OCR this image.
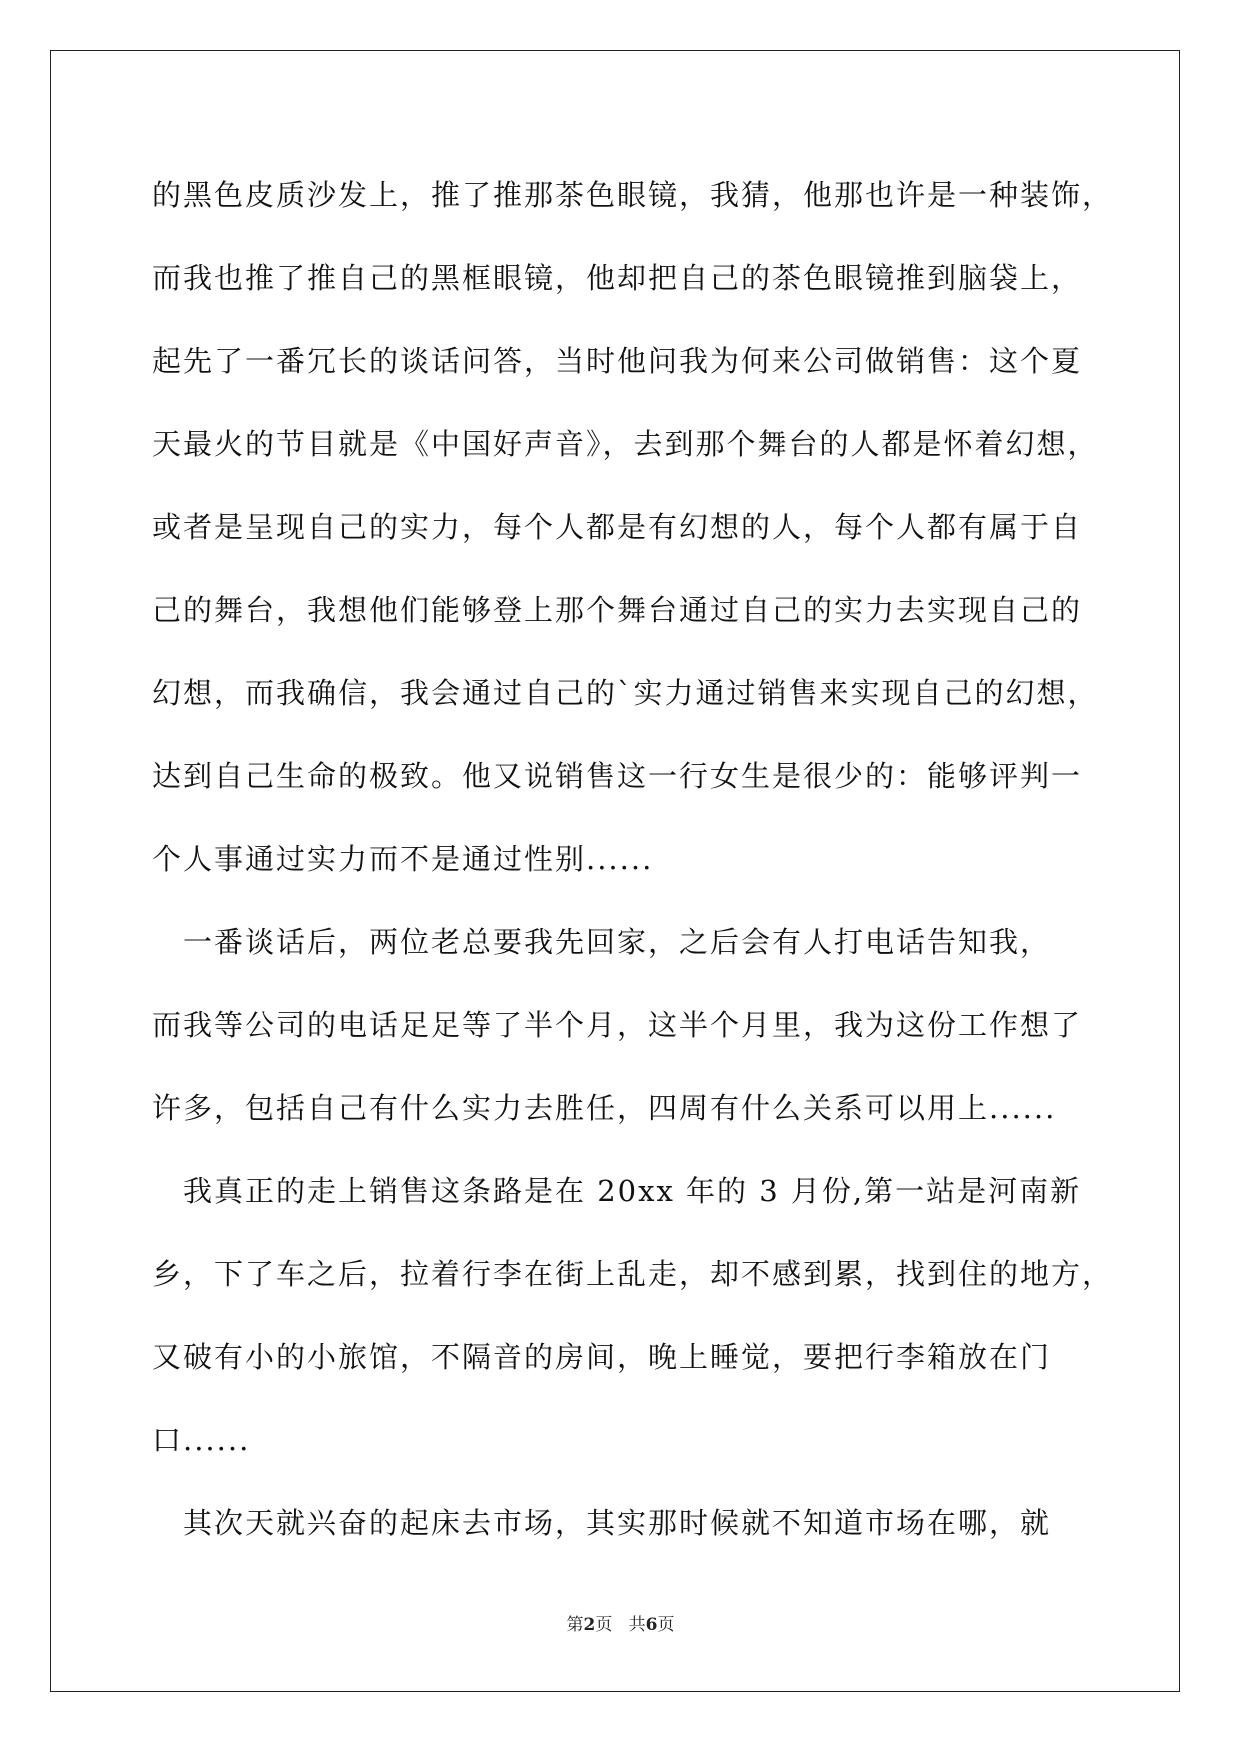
的黑色皮质沙发上，推了推那茶色眼镜，我猜，他那也许是一种装饰，
而我也推了推自己的黑框眼镜，他却把自己的茶色眼镜推到脑袋上，
起先了一番冗长的谈话问答，当时他问我为何来公司做销售：这个夏
天最火的节目就是《中国好声音》，去到那个舞台的人都是怀着幻想，
或者是呈现自己的实力，每个人都是有幻想的人，每个人都有属于自
己的舞台，我想他们能够登上那个舞台通过自己的实力去实现自己的
幻想，而我确信，我会通过自己的`实力通过销售来实现自己的幻想，
达到自己生命的极致。他又说销售这一行女生是很少的：能够评判一
个人事通过实力而不是通过性别......
　一番谈话后，两位老总要我先回家，之后会有人打电话告知我，
而我等公司的电话足足等了半个月，这半个月里，我为这份工作想了
许多，包括自己有什么实力去胜任，四周有什么关系可以用上......
　我真正的走上销售这条路是在 20xx 年的 3 月份,第一站是河南新
乡，下了车之后，拉着行李在街上乱走，却不感到累，找到住的地方，
又破有小的小旅馆，不隔音的房间，晚上睡觉，要把行李箱放在门
口......
　其次天就兴奋的起床去市场，其实那时候就不知道市场在哪，就
第2页 共6页
